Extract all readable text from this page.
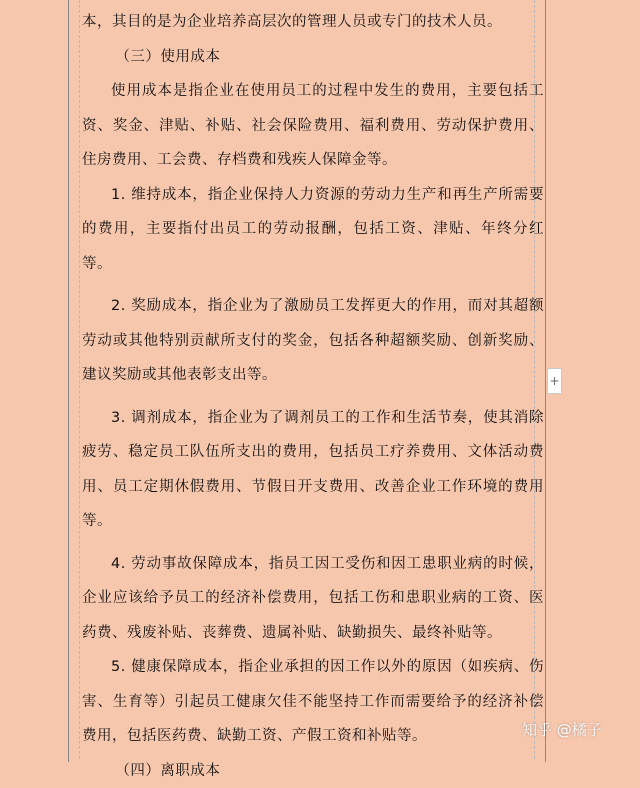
本，其目的是为企业培养高层次的管理人员或专门的技术人员。

（三）使用成本

使用成本是指企业在使用员工的过程中发生的费用，主要包括工资、奖金、津贴、补贴、社会保险费用、福利费用、劳动保护费用、住房费用、工会费、存档费和残疾人保障金等。

1. 维持成本，指企业保持人力资源的劳动力生产和再生产所需要的费用，主要指付出员工的劳动报酬，包括工资、津贴、年终分红等。

2. 奖励成本，指企业为了激励员工发挥更大的作用，而对其超额劳动或其他特别贡献所支付的奖金，包括各种超额奖励、创新奖励、建议奖励或其他表彰支出等。

3. 调剂成本，指企业为了调剂员工的工作和生活节奏，使其消除疲劳、稳定员工队伍所支出的费用，包括员工疗养费用、文体活动费用、员工定期休假费用、节假日开支费用、改善企业工作环境的费用等。

4. 劳动事故保障成本，指员工因工受伤和因工患职业病的时候，企业应该给予员工的经济补偿费用，包括工伤和患职业病的工资、医药费、残废补贴、丧葬费、遗属补贴、缺勤损失、最终补贴等。

5. 健康保障成本，指企业承担的因工作以外的原因（如疾病、伤害、生育等）引起员工健康欠佳不能坚持工作而需要给予的经济补偿费用，包括医药费、缺勤工资、产假工资和补贴等。

（四）离职成本

+
知乎 @橘子
